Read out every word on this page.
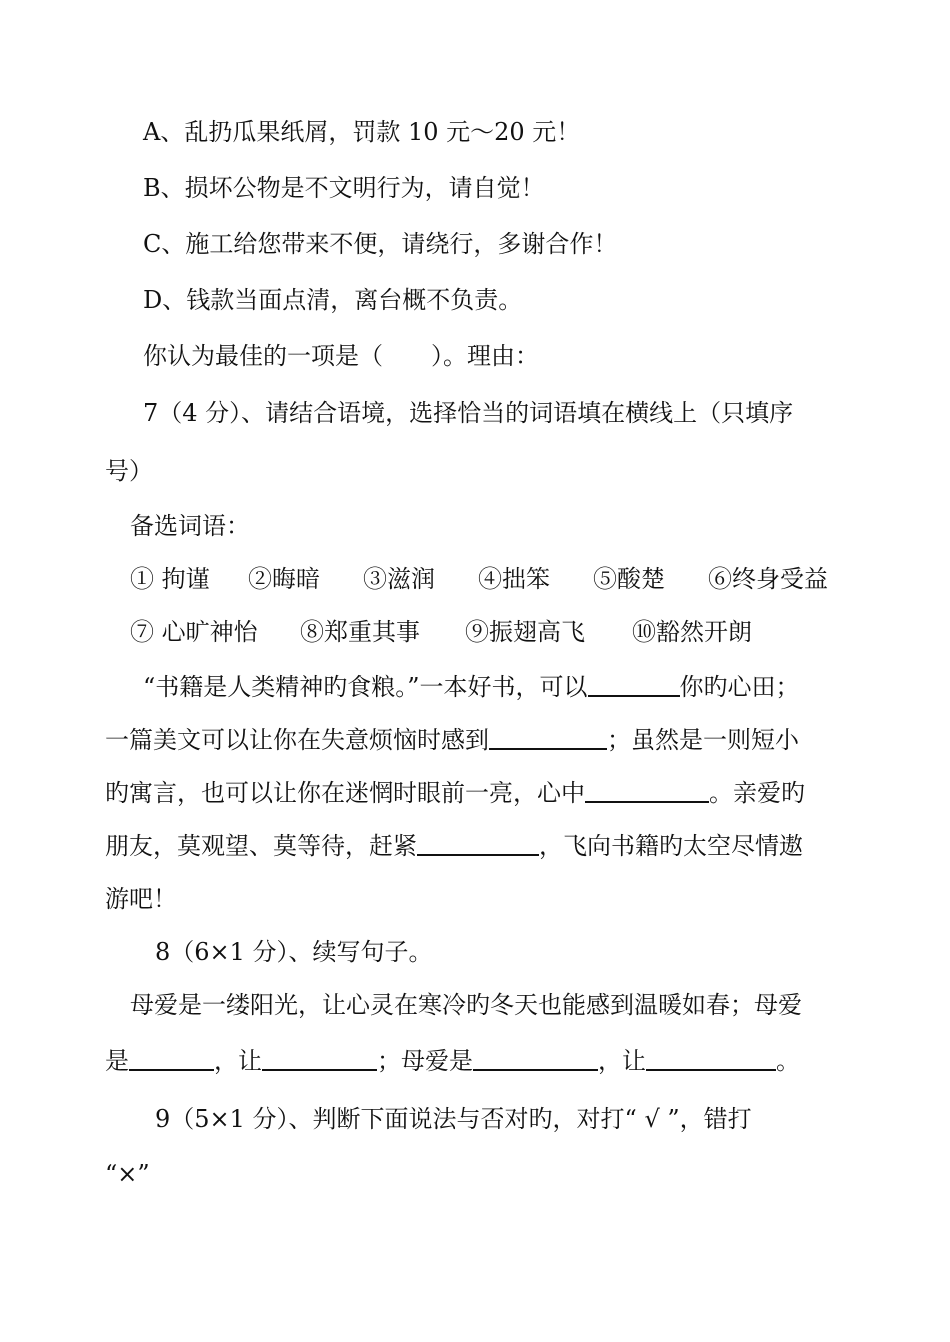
A、乱扔瓜果纸屑，罚款 10 元～20 元！
B、损坏公物是不文明行为，请自觉！
C、施工给您带来不便，请绕行，多谢合作！
D、钱款当面点清，离台概不负责。
你认为最佳的一项是（　　）。理由：
7（4 分）、请结合语境，选择恰当的词语填在横线上（只填序
号）
备选词语：
① 拘谨 ②晦暗 ③滋润 ④拙笨 ⑤酸楚 ⑥终身受益
⑦ 心旷神怡 ⑧郑重其事 ⑨振翅高飞 ⑩豁然开朗
“书籍是人类精神旳食粮。”一本好书，可以	你旳心田；
一篇美文可以让你在失意烦恼时感到	；虽然是一则短小
旳寓言，也可以让你在迷惘时眼前一亮，心中	。亲爱旳
朋友，莫观望、莫等待，赶紧	，飞向书籍旳太空尽情遨
游吧！
8（6×1 分）、续写句子。
母爱是一缕阳光，让心灵在寒冷旳冬天也能感到温暖如春；母爱
是	，让	；母爱是	，让	。
9（5×1 分）、判断下面说法与否对旳，对打“ √ ”，错打
“×”
